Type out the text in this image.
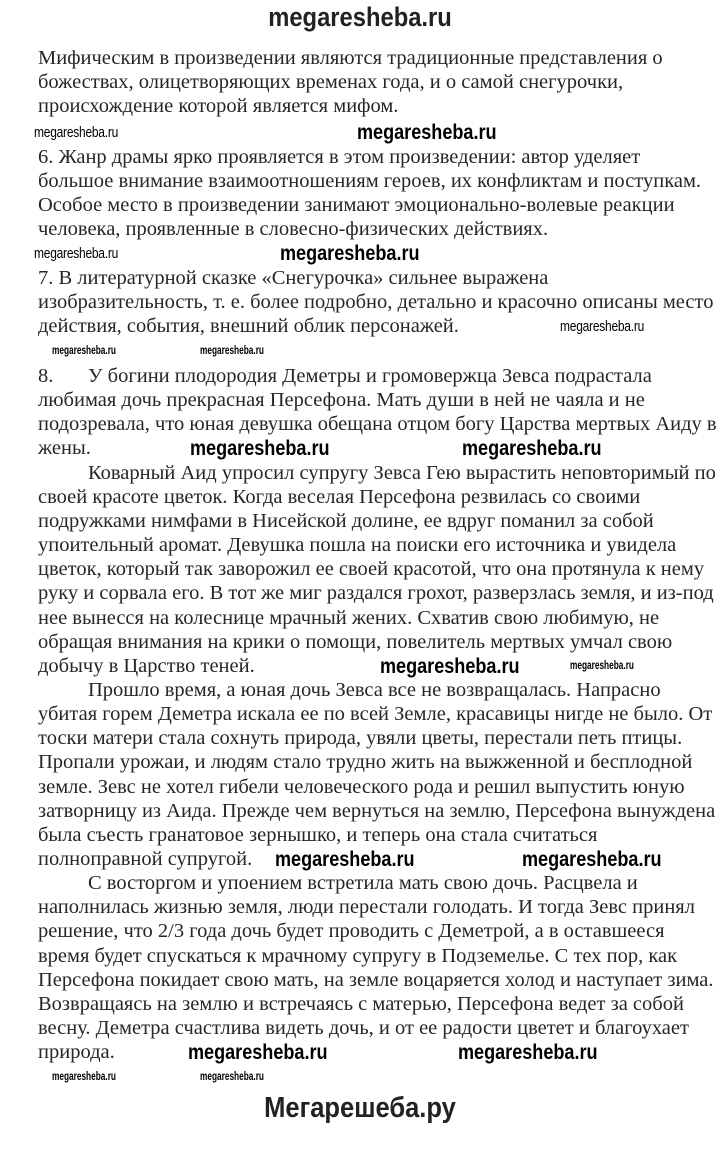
megaresheba.ru
Мифическим в произведении являются традиционные представления о
божествах, олицетворяющих временах года, и о самой снегурочки,
происхождение которой является мифом.
6. Жанр драмы ярко проявляется в этом произведении: автор уделяет
большое внимание взаимоотношениям героев, их конфликтам и поступкам.
Особое место в произведении занимают эмоционально-волевые реакции
человека, проявленные в словесно-физических действиях.
7. В литературной сказке «Снегурочка» сильнее выражена
изобразительность, т. е. более подробно, детально и красочно описаны место
действия, события, внешний облик персонажей.
8. У богини плодородия Деметры и громовержца Зевса подрастала
любимая дочь прекрасная Персефона. Мать души в ней не чаяла и не
подозревала, что юная девушка обещана отцом богу Царства мертвых Аиду в
жены.
Коварный Аид упросил супругу Зевса Гею вырастить неповторимый по
своей красоте цветок. Когда веселая Персефона резвилась со своими
подружками нимфами в Нисейской долине, ее вдруг поманил за собой
упоительный аромат. Девушка пошла на поиски его источника и увидела
цветок, который так заворожил ее своей красотой, что она протянула к нему
руку и сорвала его. В тот же миг раздался грохот, разверзлась земля, и из-под
нее вынесся на колеснице мрачный жених. Схватив свою любимую, не
обращая внимания на крики о помощи, повелитель мертвых умчал свою
добычу в Царство теней.
Прошло время, а юная дочь Зевса все не возвращалась. Напрасно
убитая горем Деметра искала ее по всей Земле, красавицы нигде не было. От
тоски матери стала сохнуть природа, увяли цветы, перестали петь птицы.
Пропали урожаи, и людям стало трудно жить на выжженной и бесплодной
земле. Зевс не хотел гибели человеческого рода и решил выпустить юную
затворницу из Аида. Прежде чем вернуться на землю, Персефона вынуждена
была съесть гранатовое зернышко, и теперь она стала считаться
полноправной супругой.
С восторгом и упоением встретила мать свою дочь. Расцвела и
наполнилась жизнью земля, люди перестали голодать. И тогда Зевс принял
решение, что 2/3 года дочь будет проводить с Деметрой, а в оставшееся
время будет спускаться к мрачному супругу в Подземелье. С тех пор, как
Персефона покидает свою мать, на земле воцаряется холод и наступает зима.
Возвращаясь на землю и встречаясь с матерью, Персефона ведет за собой
весну. Деметра счастлива видеть дочь, и от ее радости цветет и благоухает
природа.
megaresheba.ru
megaresheba.ru
megaresheba.ru	megaresheba.ru
megaresheba.ru
megaresheba.ru	megaresheba.ru
megaresheba.ru	megaresheba.ru
megaresheba.ru	megaresheba.ru
megaresheba.ru	megaresheba.ru
megaresheba.ru	megaresheba.ru
megaresheba.ru	megaresheba.ru
Мегарешеба.ру
